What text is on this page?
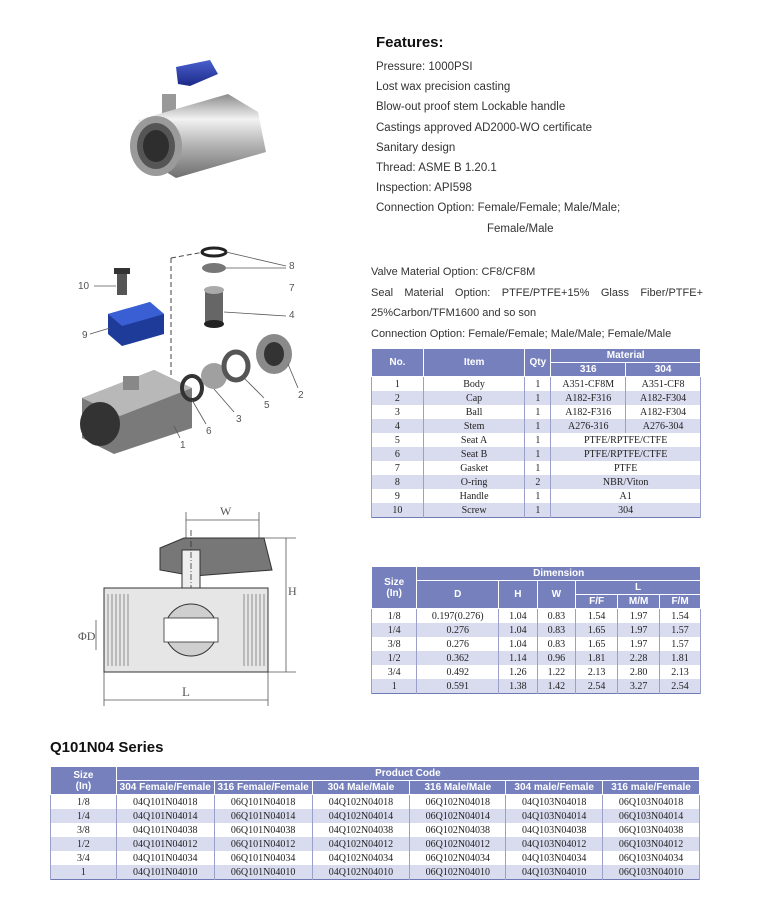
Features:
Pressure: 1000PSI
Lost wax precision casting
Blow-out proof stem Lockable handle
Castings approved AD2000-WO certificate
Sanitary design
Thread: ASME B 1.20.1
Inspection: API598
Connection Option: Female/Female; Male/Male;
Female/Male
10
9
8
7
4
2
5
3
6
1
Valve Material Option: CF8/CF8M
Seal Material Option: PTFE/PTFE+15% Glass Fiber/PTFE+
25%Carbon/TFM1600 and so son
Connection Option: Female/Female; Male/Male; Female/Male
No.	Item	Qty	Material	
			316	304
1	Body	1	A351-CF8M	A351-CF8
2	Cap	1	A182-F316	A182-F304
3	Ball	1	A182-F316	A182-F304
4	Stem	1	A276-316	A276-304
5	Seat A	1	PTFE/RPTFE/CTFE	
6	Seat B	1	PTFE/RPTFE/CTFE	
7	Gasket	1	PTFE	
8	O-ring	2	NBR/Viton	
9	Handle	1	A1	
10	Screw	1	304	
W
H
ΦD
L
Size
(In)	Dimension					
	D	H	W	L		
				F/F	M/M	F/M
1/8	0.197(0.276)	1.04	0.83	1.54	1.97	1.54
1/4	0.276	1.04	0.83	1.65	1.97	1.57
3/8	0.276	1.04	0.83	1.65	1.97	1.57
1/2	0.362	1.14	0.96	1.81	2.28	1.81
3/4	0.492	1.26	1.22	2.13	2.80	2.13
1	0.591	1.38	1.42	2.54	3.27	2.54
Q101N04 Series
Size
(In)	Product Code					
	304 Female/Female	316 Female/Female	304 Male/Male	316 Male/Male	304 male/Female	316 male/Female
1/8	04Q101N04018	06Q101N04018	04Q102N04018	06Q102N04018	04Q103N04018	06Q103N04018
1/4	04Q101N04014	06Q101N04014	04Q102N04014	06Q102N04014	04Q103N04014	06Q103N04014
3/8	04Q101N04038	06Q101N04038	04Q102N04038	06Q102N04038	04Q103N04038	06Q103N04038
1/2	04Q101N04012	06Q101N04012	04Q102N04012	06Q102N04012	04Q103N04012	06Q103N04012
3/4	04Q101N04034	06Q101N04034	04Q102N04034	06Q102N04034	04Q103N04034	06Q103N04034
1	04Q101N04010	06Q101N04010	04Q102N04010	06Q102N04010	04Q103N04010	06Q103N04010
